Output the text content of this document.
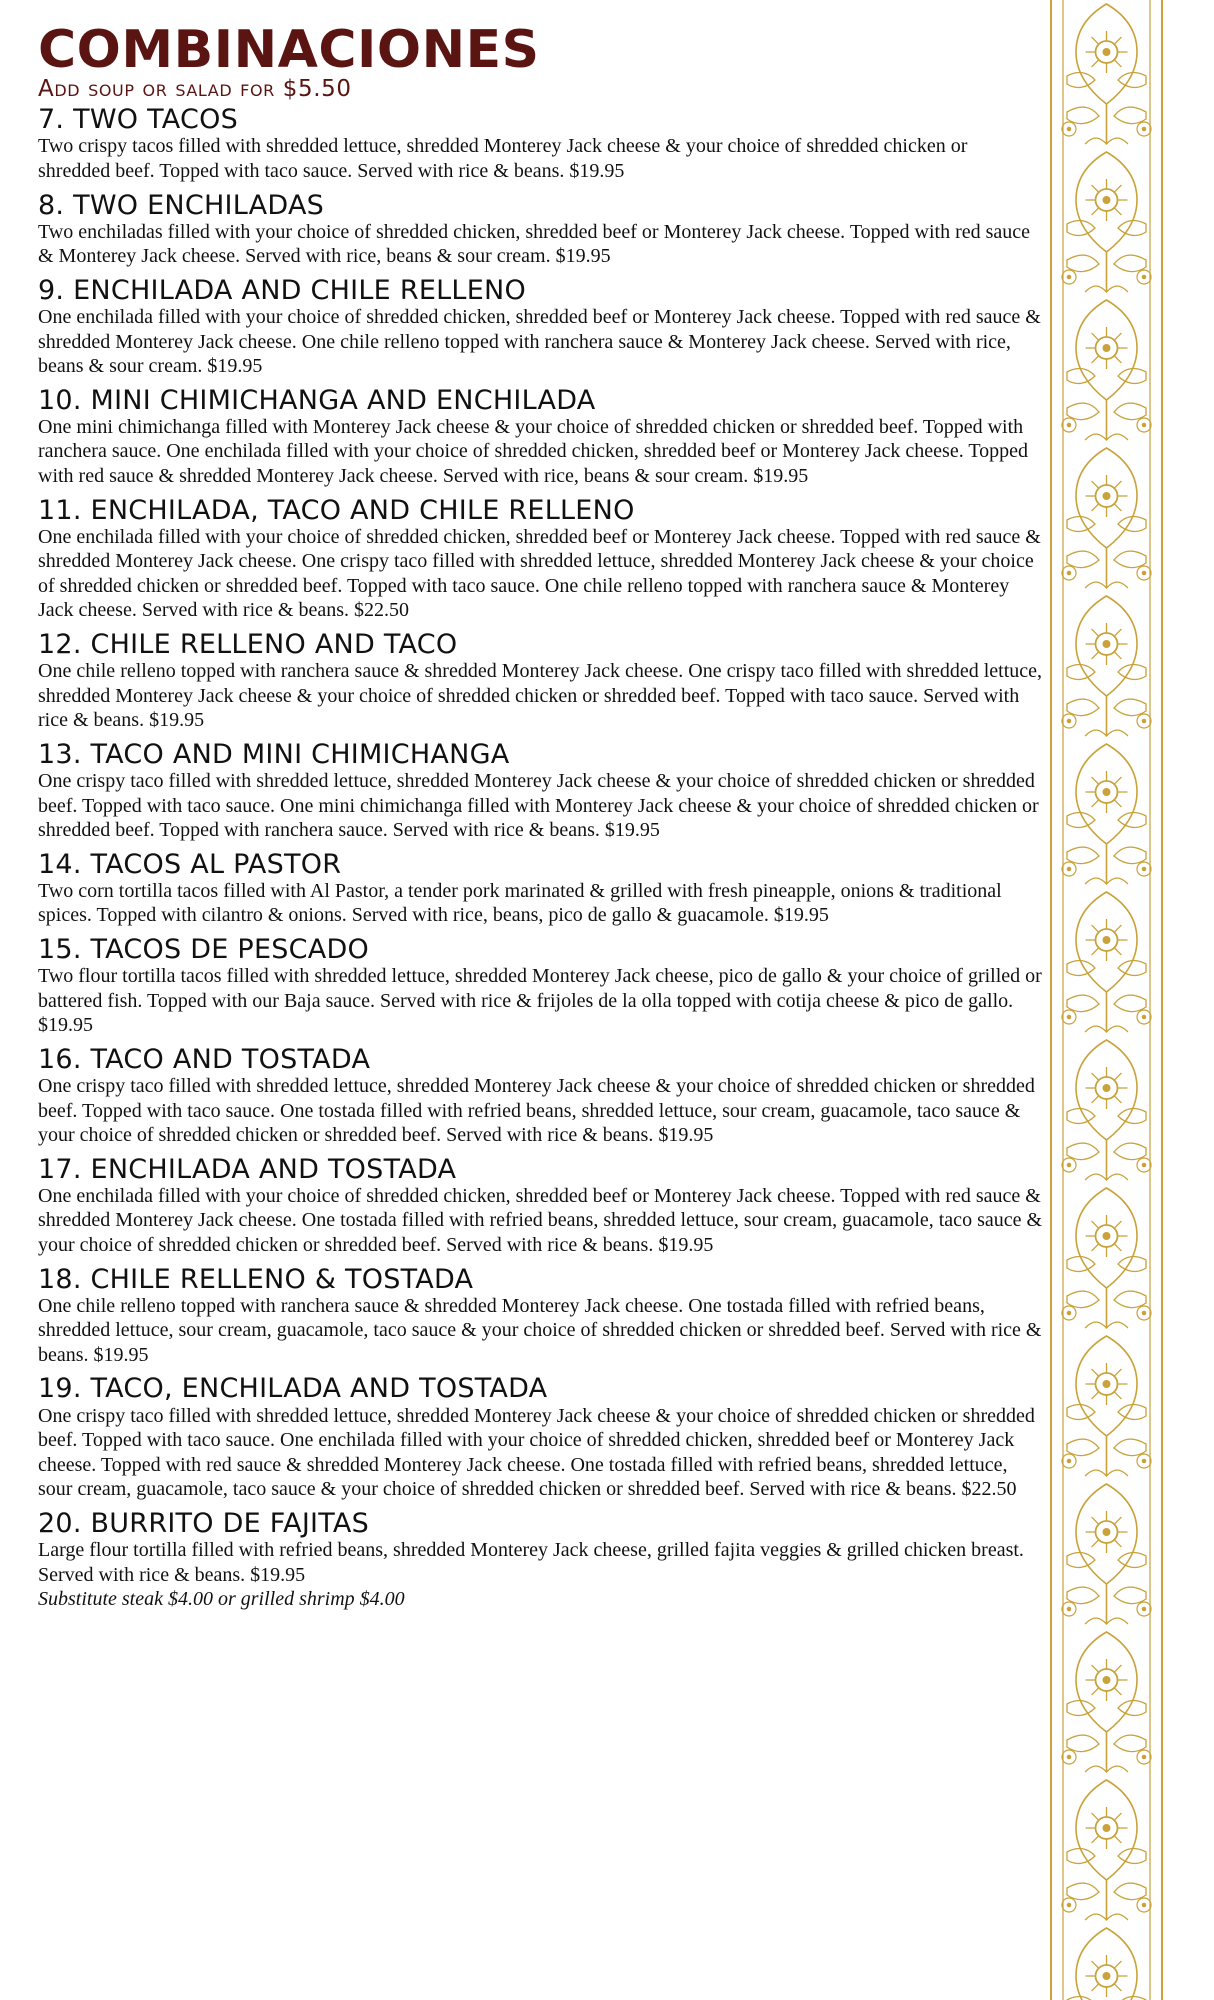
COMBINACIONES

Add soup or salad for $5.50

7. TWO TACOS

Two crispy tacos filled with shredded lettuce, shredded Monterey Jack cheese & your choice of shredded chicken or shredded beef. Topped with taco sauce. Served with rice & beans. $19.95

8. TWO ENCHILADAS

Two enchiladas filled with your choice of shredded chicken, shredded beef or Monterey Jack cheese. Topped with red sauce & Monterey Jack cheese. Served with rice, beans & sour cream. $19.95

9. ENCHILADA AND CHILE RELLENO

One enchilada filled with your choice of shredded chicken, shredded beef or Monterey Jack cheese. Topped with red sauce & shredded Monterey Jack cheese. One chile relleno topped with ranchera sauce & Monterey Jack cheese. Served with rice, beans & sour cream. $19.95

10. MINI CHIMICHANGA AND ENCHILADA

One mini chimichanga filled with Monterey Jack cheese & your choice of shredded chicken or shredded beef. Topped with ranchera sauce. One enchilada filled with your choice of shredded chicken, shredded beef or Monterey Jack cheese. Topped with red sauce & shredded Monterey Jack cheese. Served with rice, beans & sour cream. $19.95

11. ENCHILADA, TACO AND CHILE RELLENO

One enchilada filled with your choice of shredded chicken, shredded beef or Monterey Jack cheese. Topped with red sauce & shredded Monterey Jack cheese. One crispy taco filled with shredded lettuce, shredded Monterey Jack cheese & your choice of shredded chicken or shredded beef. Topped with taco sauce. One chile relleno topped with ranchera sauce & Monterey Jack cheese. Served with rice & beans. $22.50

12. CHILE RELLENO AND TACO

One chile relleno topped with ranchera sauce & shredded Monterey Jack cheese. One crispy taco filled with shredded lettuce, shredded Monterey Jack cheese & your choice of shredded chicken or shredded beef. Topped with taco sauce. Served with rice & beans. $19.95

13. TACO AND MINI CHIMICHANGA

One crispy taco filled with shredded lettuce, shredded Monterey Jack cheese & your choice of shredded chicken or shredded beef. Topped with taco sauce. One mini chimichanga filled with Monterey Jack cheese & your choice of shredded chicken or shredded beef. Topped with ranchera sauce. Served with rice & beans. $19.95

14. TACOS AL PASTOR

Two corn tortilla tacos filled with Al Pastor, a tender pork marinated & grilled with fresh pineapple, onions & traditional spices. Topped with cilantro & onions. Served with rice, beans, pico de gallo & guacamole. $19.95

15. TACOS DE PESCADO

Two flour tortilla tacos filled with shredded lettuce, shredded Monterey Jack cheese, pico de gallo & your choice of grilled or battered fish. Topped with our Baja sauce. Served with rice & frijoles de la olla topped with cotija cheese & pico de gallo. $19.95

16. TACO AND TOSTADA

One crispy taco filled with shredded lettuce, shredded Monterey Jack cheese & your choice of shredded chicken or shredded beef. Topped with taco sauce. One tostada filled with refried beans, shredded lettuce, sour cream, guacamole, taco sauce & your choice of shredded chicken or shredded beef. Served with rice & beans. $19.95

17. ENCHILADA AND TOSTADA

One enchilada filled with your choice of shredded chicken, shredded beef or Monterey Jack cheese. Topped with red sauce & shredded Monterey Jack cheese. One tostada filled with refried beans, shredded lettuce, sour cream, guacamole, taco sauce & your choice of shredded chicken or shredded beef. Served with rice & beans. $19.95

18. CHILE RELLENO & TOSTADA

One chile relleno topped with ranchera sauce & shredded Monterey Jack cheese. One tostada filled with refried beans, shredded lettuce, sour cream, guacamole, taco sauce & your choice of shredded chicken or shredded beef. Served with rice & beans. $19.95

19. TACO, ENCHILADA AND TOSTADA

One crispy taco filled with shredded lettuce, shredded Monterey Jack cheese & your choice of shredded chicken or shredded beef. Topped with taco sauce. One enchilada filled with your choice of shredded chicken, shredded beef or Monterey Jack cheese. Topped with red sauce & shredded Monterey Jack cheese. One tostada filled with refried beans, shredded lettuce, sour cream, guacamole, taco sauce & your choice of shredded chicken or shredded beef. Served with rice & beans. $22.50

20. BURRITO DE FAJITAS

Large flour tortilla filled with refried beans, shredded Monterey Jack cheese, grilled fajita veggies & grilled chicken breast. Served with rice & beans. $19.95

Substitute steak $4.00 or grilled shrimp $4.00
